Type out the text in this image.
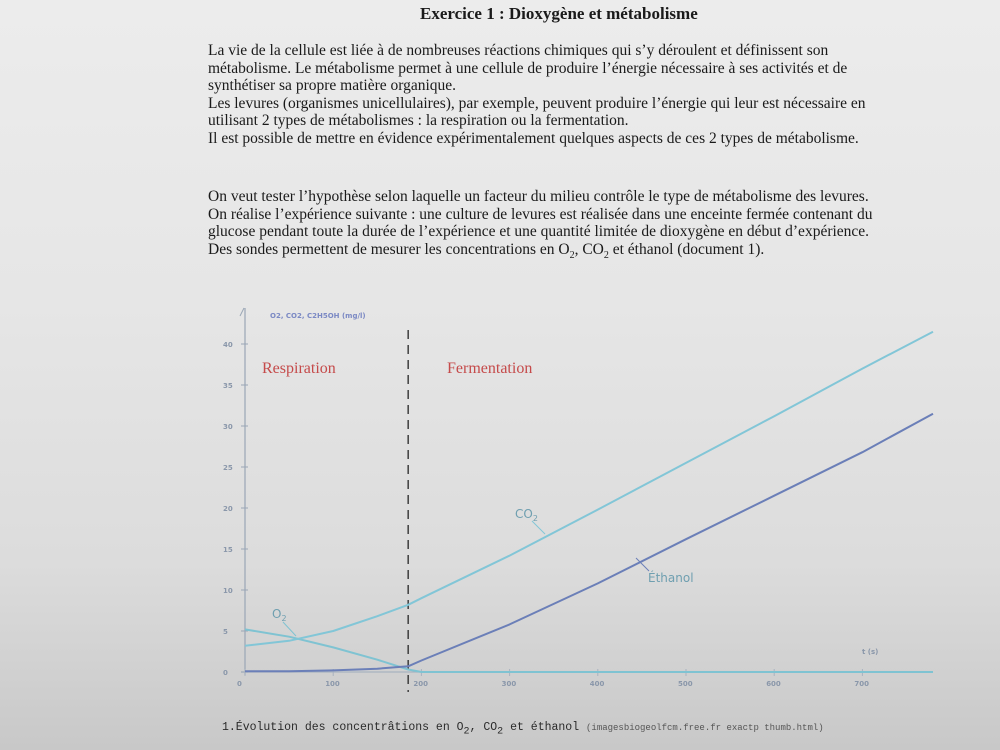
Exercice 1 : Dioxygène et métabolisme
La vie de la cellule est liée à de nombreuses réactions chimiques qui s’y déroulent et définissent son
métabolisme. Le métabolisme permet à une cellule de produire l’énergie nécessaire à ses activités et de
synthétiser sa propre matière organique.
Les levures (organismes unicellulaires), par exemple, peuvent produire l’énergie qui leur est nécessaire en
utilisant 2 types de métabolismes : la respiration ou la fermentation.
Il est possible de mettre en évidence expérimentalement quelques aspects de ces 2 types de métabolisme.
On veut tester l’hypothèse selon laquelle un facteur du milieu contrôle le type de métabolisme des levures.
On réalise l’expérience suivante : une culture de levures est réalisée dans une enceinte fermée contenant du
glucose pendant toute la durée de l’expérience et une quantité limitée de dioxygène en début d’expérience.
Des sondes permettent de mesurer les concentrations en $O_2$, $CO_2$ et éthanol (document 1).
0
5
10
15
20
25
30
35
40
0	100	200	300	400	500	600	700
O2, CO2, C2H5OH (mg/l)
t (s)
Respiration	Fermentation
$O_2$
$CO_2$
Éthanol
1.Évolution des concentrâtions en $O_2$, $CO_2$ et éthanol (imagesbiogeolfcm.free.fr exactp thumb.html)
